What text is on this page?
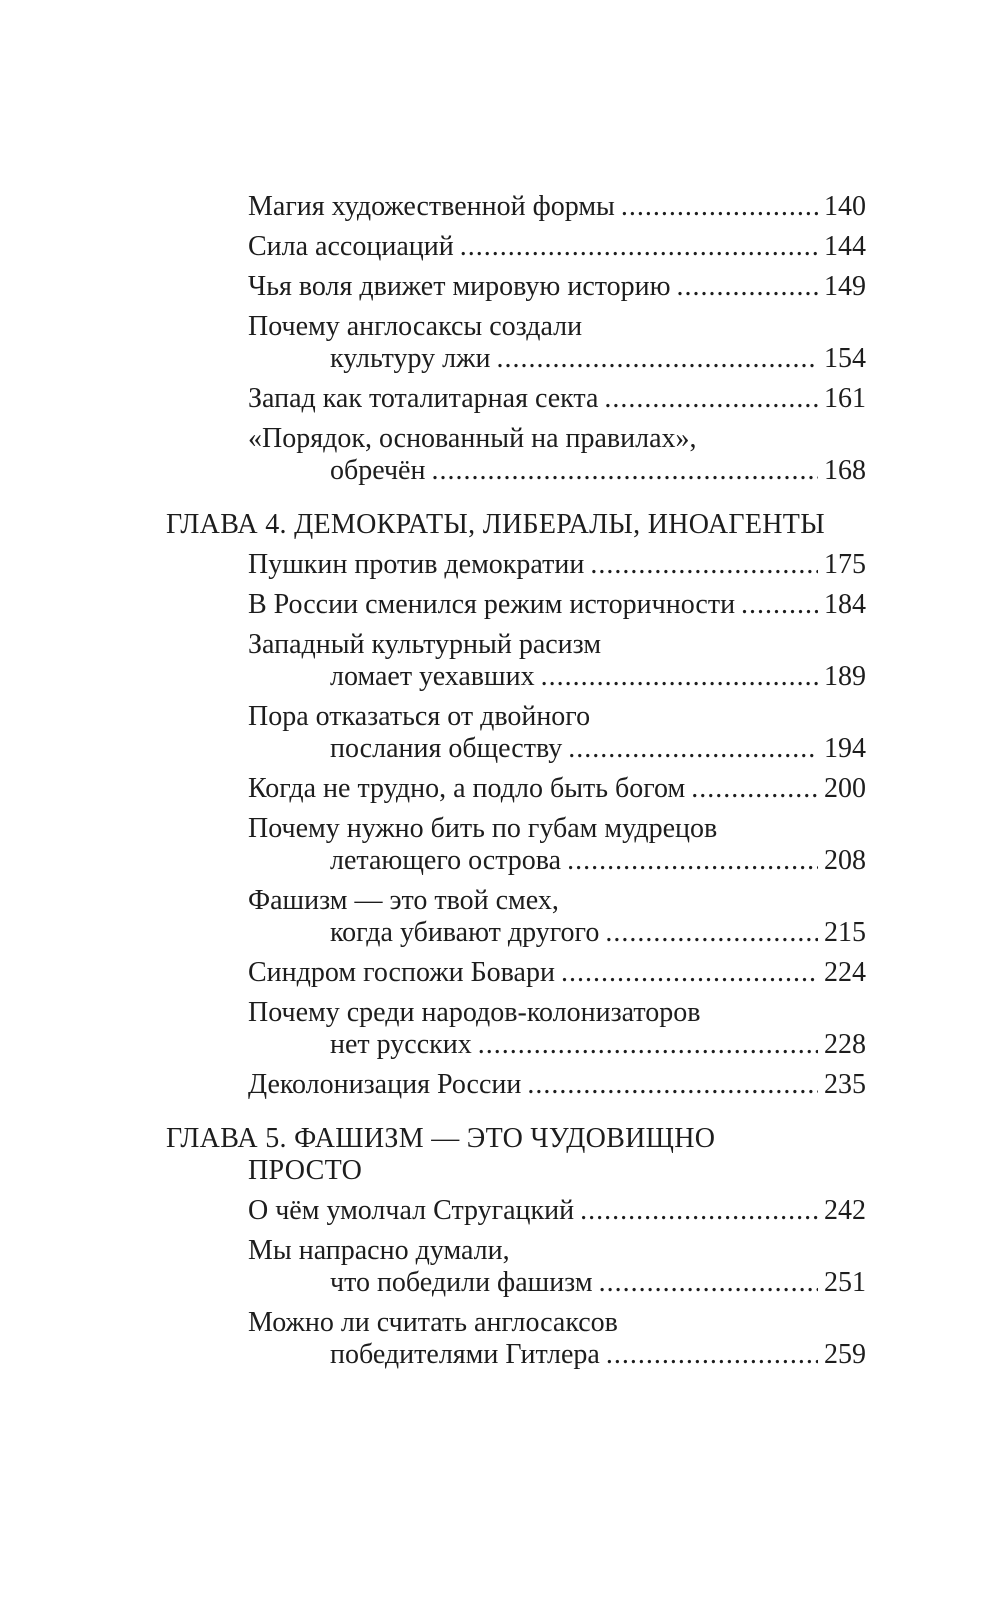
Магия художественной формы .....	140
Сила ассоциаций .....	144
Чья воля движет мировую историю .....	149
Почему англосаксы создали
культуру лжи .....	154
Запад как тоталитарная секта .....	161
«Порядок, основанный на правилах»,
обречён .....	168
ГЛАВА 4. ДЕМОКРАТЫ, ЛИБЕРАЛЫ, ИНОАГЕНТЫ
Пушкин против демократии .....	175
В России сменился режим историчности .....	184
Западный культурный расизм
ломает уехавших .....	189
Пора отказаться от двойного
послания обществу .....	194
Когда не трудно, а подло быть богом .....	200
Почему нужно бить по губам мудрецов
летающего острова .....	208
Фашизм — это твой смех,
когда убивают другого .....	215
Синдром госпожи Бовари .....	224
Почему среди народов-колонизаторов
нет русских .....	228
Деколонизация России .....	235
ГЛАВА 5. ФАШИЗМ — ЭТО ЧУДОВИЩНО
ПРОСТО
О чём умолчал Стругацкий .....	242
Мы напрасно думали,
что победили фашизм .....	251
Можно ли считать англосаксов
победителями Гитлера .....	259
